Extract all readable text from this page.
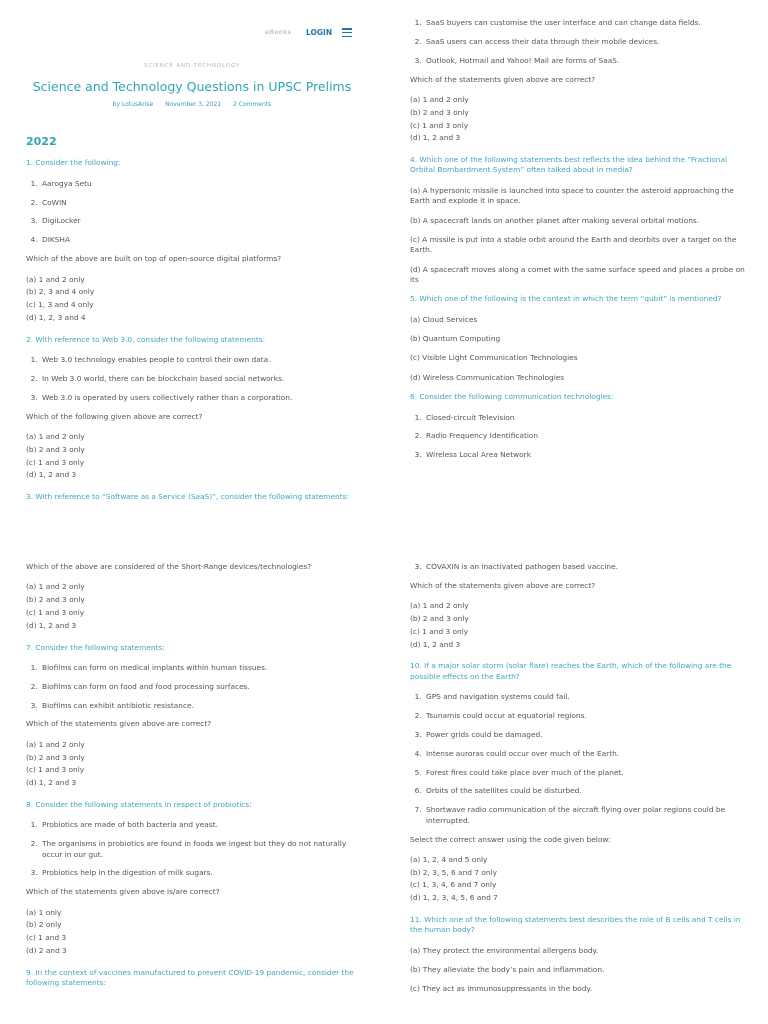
eBooks LOGIN
SCIENCE AND TECHNOLOGY
Science and Technology Questions in UPSC Prelims
by LotusArise November 3, 2021 2 Comments
2022
1. Consider the following:
1. Aarogya Setu
2. CoWIN
3. DigiLocker
4. DIKSHA
Which of the above are built on top of open-source digital platforms?
(a) 1 and 2 only
(b) 2, 3 and 4 only
(c) 1, 3 and 4 only
(d) 1, 2, 3 and 4
2. With reference to Web 3.0, consider the following statements:
1. Web 3.0 technology enables people to control their own data.
2. In Web 3.0 world, there can be blockchain based social networks.
3. Web 3.0 is operated by users collectively rather than a corporation.
Which of the following given above are correct?
(a) 1 and 2 only
(b) 2 and 3 only
(c) 1 and 3 only
(d) 1, 2 and 3
3. With reference to “Software as a Service (SaaS)”, consider the following statements:
1. SaaS buyers can customise the user interface and can change data fields.
2. SaaS users can access their data through their mobile devices.
3. Outlook, Hotmail and Yahoo! Mail are forms of SaaS.
Which of the statements given above are correct?
(a) 1 and 2 only
(b) 2 and 3 only
(c) 1 and 3 only
(d) 1, 2 and 3
4. Which one of the following statements best reflects the idea behind the “Fractional Orbital Bombardment System” often talked about in media?
(a) A hypersonic missile is launched into space to counter the asteroid approaching the Earth and explode it in space.
(b) A spacecraft lands on another planet after making several orbital motions.
(c) A missile is put into a stable orbit around the Earth and deorbits over a target on the Earth.
(d) A spacecraft moves along a comet with the same surface speed and places a probe on its
5. Which one of the following is the context in which the term “qubit” is mentioned?
(a) Cloud Services
(b) Quantum Computing
(c) Visible Light Communication Technologies
(d) Wireless Communication Technologies
6. Consider the following communication technologies:
1. Closed-circuit Television
2. Radio Frequency Identification
3. Wireless Local Area Network
Which of the above are considered of the Short-Range devices/technologies?
(a) 1 and 2 only
(b) 2 and 3 only
(c) 1 and 3 only
(d) 1, 2 and 3
7. Consider the following statements:
1. Biofilms can form on medical implants within human tissues.
2. Biofilms can form on food and food processing surfaces.
3. Biofilms can exhibit antibiotic resistance.
Which of the statements given above are correct?
(a) 1 and 2 only
(b) 2 and 3 only
(c) 1 and 3 only
(d) 1, 2 and 3
8. Consider the following statements in respect of probiotics:
1. Probiotics are made of both bacteria and yeast.
2. The organisms in probiotics are found in foods we ingest but they do not naturally occur in our gut.
3. Probiotics help in the digestion of milk sugars.
Which of the statements given above is/are correct?
(a) 1 only
(b) 2 only
(c) 1 and 3
(d) 2 and 3
9. In the context of vaccines manufactured to prevent COVID-19 pandemic, consider the following statements:
3. COVAXIN is an inactivated pathogen based vaccine.
Which of the statements given above are correct?
(a) 1 and 2 only
(b) 2 and 3 only
(c) 1 and 3 only
(d) 1, 2 and 3
10. If a major solar storm (solar flare) reaches the Earth, which of the following are the possible effects on the Earth?
1. GPS and navigation systems could fail.
2. Tsunamis could occur at equatorial regions.
3. Power grids could be damaged.
4. Intense auroras could occur over much of the Earth.
5. Forest fires could take place over much of the planet.
6. Orbits of the satellites could be disturbed.
7. Shortwave radio communication of the aircraft flying over polar regions could be interrupted.
Select the correct answer using the code given below:
(a) 1, 2, 4 and 5 only
(b) 2, 3, 5, 6 and 7 only
(c) 1, 3, 4, 6 and 7 only
(d) 1, 2, 3, 4, 5, 6 and 7
11. Which one of the following statements best describes the role of B cells and T cells in the human body?
(a) They protect the environmental allergens body.
(b) They alleviate the body’s pain and inflammation.
(c) They act as immunosuppressants in the body.
